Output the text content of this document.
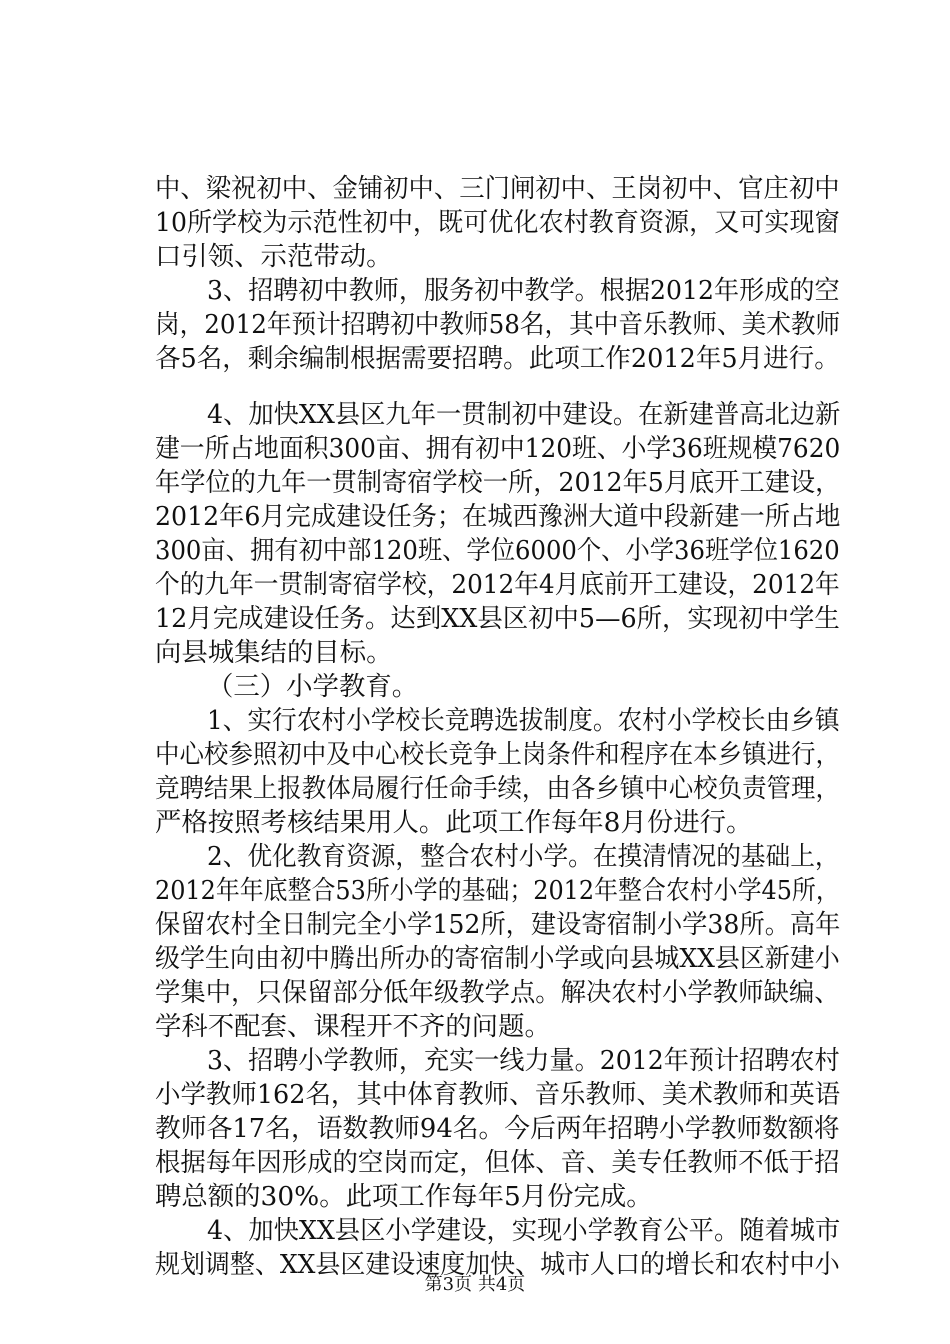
中、梁祝初中、金铺初中、三门闸初中、王岗初中、官庄初中
10所学校为示范性初中，既可优化农村教育资源，又可实现窗
口引领、示范带动。
3、招聘初中教师，服务初中教学。根据2012年形成的空
岗，2012年预计招聘初中教师58名，其中音乐教师、美术教师
各5名，剩余编制根据需要招聘。此项工作2012年5月进行。
4、加快XX县区九年一贯制初中建设。在新建普高北边新
建一所占地面积300亩、拥有初中120班、小学36班规模7620
年学位的九年一贯制寄宿学校一所，2012年5月底开工建设，
2012年6月完成建设任务；在城西豫洲大道中段新建一所占地
300亩、拥有初中部120班、学位6000个、小学36班学位1620
个的九年一贯制寄宿学校，2012年4月底前开工建设，2012年
12月完成建设任务。达到XX县区初中5—6所，实现初中学生
向县城集结的目标。
（三）小学教育。
1、实行农村小学校长竞聘选拔制度。农村小学校长由乡镇
中心校参照初中及中心校长竞争上岗条件和程序在本乡镇进行，
竞聘结果上报教体局履行任命手续，由各乡镇中心校负责管理，
严格按照考核结果用人。此项工作每年8月份进行。
2、优化教育资源，整合农村小学。在摸清情况的基础上，
2012年年底整合53所小学的基础；2012年整合农村小学45所，
保留农村全日制完全小学152所，建设寄宿制小学38所。高年
级学生向由初中腾出所办的寄宿制小学或向县城XX县区新建小
学集中，只保留部分低年级教学点。解决农村小学教师缺编、
学科不配套、课程开不齐的问题。
3、招聘小学教师，充实一线力量。2012年预计招聘农村
小学教师162名，其中体育教师、音乐教师、美术教师和英语
教师各17名，语数教师94名。今后两年招聘小学教师数额将
根据每年因形成的空岗而定，但体、音、美专任教师不低于招
聘总额的30%。此项工作每年5月份完成。
4、加快XX县区小学建设，实现小学教育公平。随着城市
规划调整、XX县区建设速度加快、城市人口的增长和农村中小
第3页 共4页
